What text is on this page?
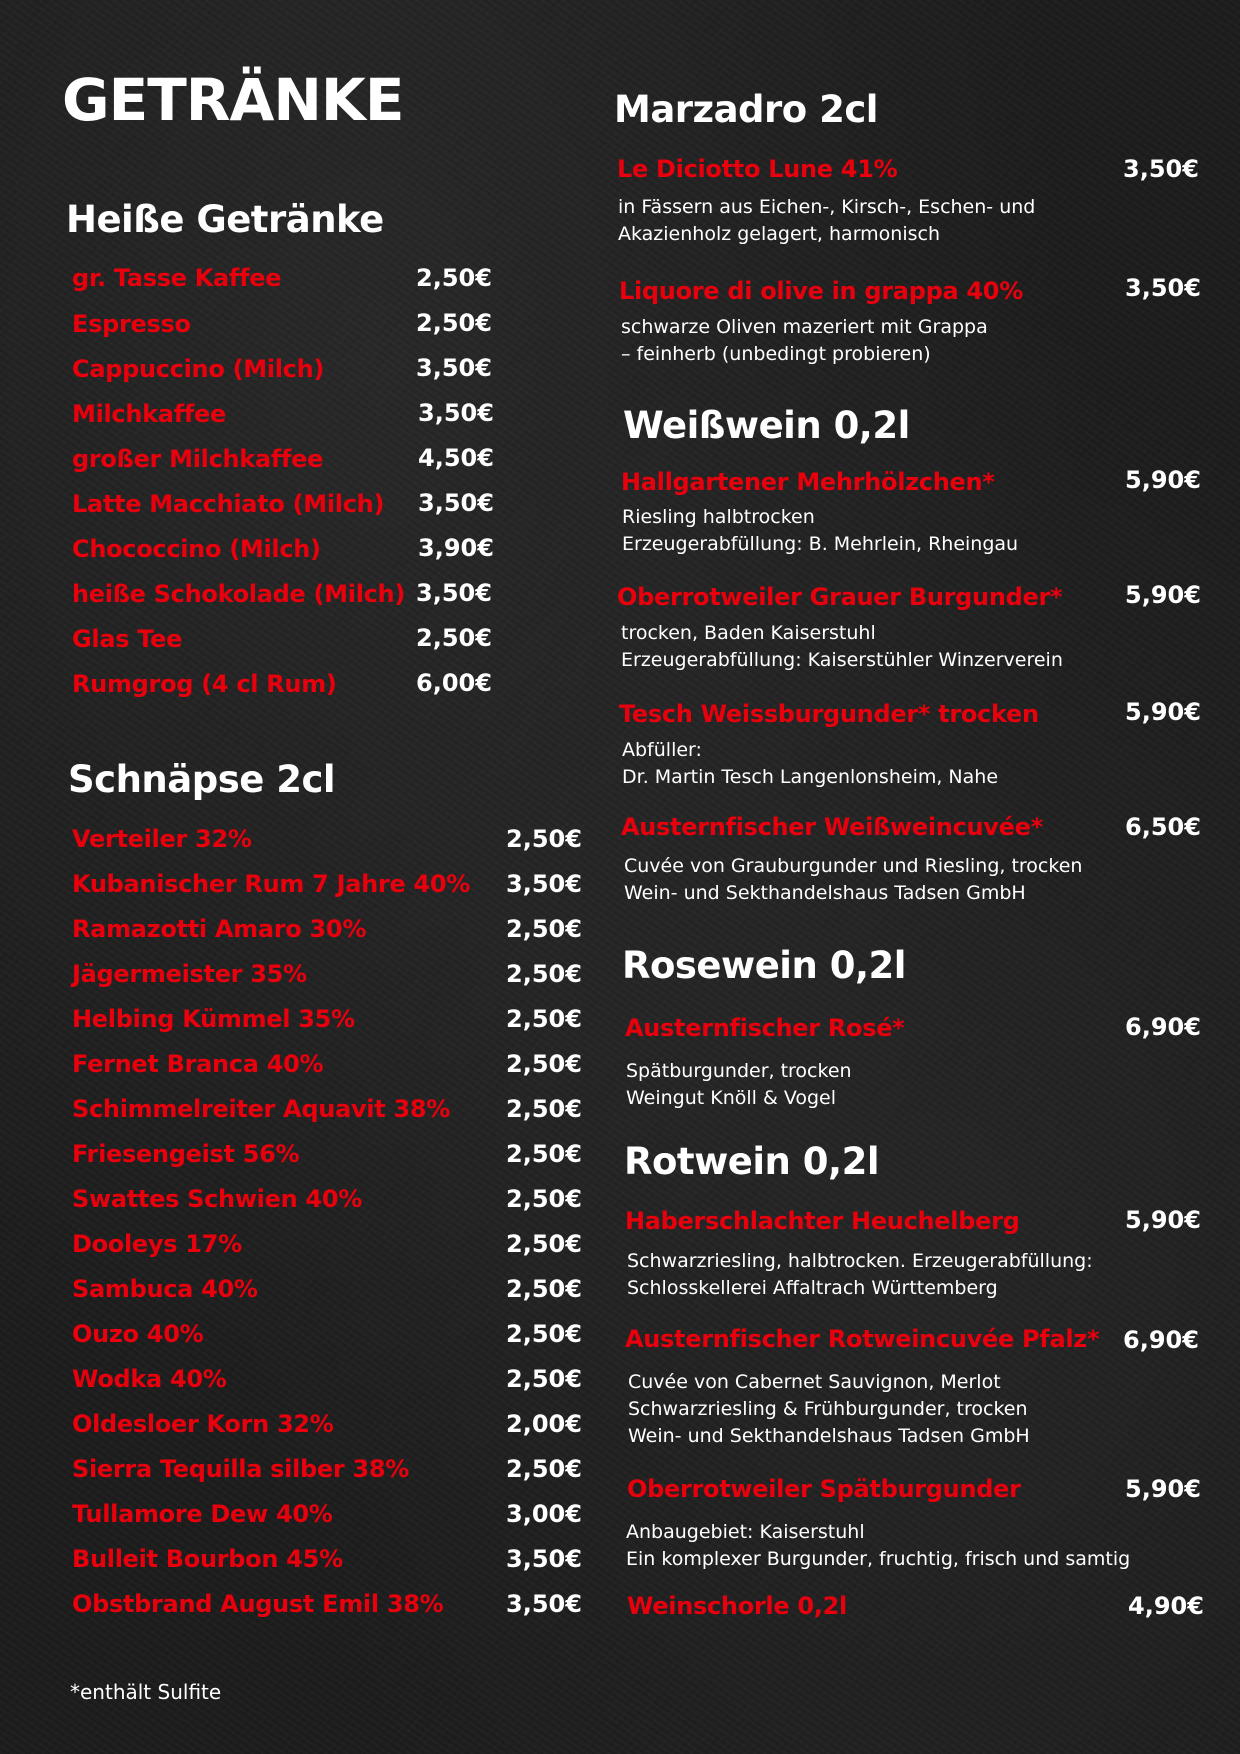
GETRÄNKE
Heiße Getränke
gr. Tasse Kaffee	2,50€
Espresso	2,50€
Cappuccino (Milch)	3,50€
Milchkaffee	3,50€
großer Milchkaffee	4,50€
Latte Macchiato (Milch) 3,50€
Chococcino (Milch)	3,90€
heiße Schokolade (Milch) 3,50€
Glas Tee	2,50€
Rumgrog (4 cl Rum)	6,00€
Schnäpse 2cl
Verteiler 32%	2,50€
Kubanischer Rum 7 Jahre 40% 3,50€
Ramazotti Amaro 30%	2,50€
Jägermeister 35%	2,50€
Helbing Kümmel 35%	2,50€
Fernet Branca 40%	2,50€
Schimmelreiter Aquavit 38% 2,50€
Friesengeist 56%	2,50€
Swattes Schwien 40%	2,50€
Dooleys 17%	2,50€
Sambuca 40%	2,50€
Ouzo 40%	2,50€
Wodka 40%	2,50€
Oldesloer Korn 32%	2,00€
Sierra Tequilla silber 38%	2,50€
Tullamore Dew 40%	3,00€
Bulleit Bourbon 45%	3,50€
Obstbrand August Emil 38%	3,50€
*enthält Sulfite
Marzadro 2cl
Le Diciotto Lune 41%	3,50€
in Fässern aus Eichen-, Kirsch-, Eschen- und
Akazienholz gelagert, harmonisch
Liquore di olive in grappa 40%	3,50€
schwarze Oliven mazeriert mit Grappa
– feinherb (unbedingt probieren)
Weißwein 0,2l
Hallgartener Mehrhölzchen*	5,90€
Riesling halbtrocken
Erzeugerabfüllung: B. Mehrlein, Rheingau
Oberrotweiler Grauer Burgunder*	5,90€
trocken, Baden Kaiserstuhl
Erzeugerabfüllung: Kaiserstühler Winzerverein
Tesch Weissburgunder* trocken	5,90€
Abfüller:
Dr. Martin Tesch Langenlonsheim, Nahe
Austernfischer Weißweincuvée*	6,50€
Cuvée von Grauburgunder und Riesling, trocken
Wein- und Sekthandelshaus Tadsen GmbH
Rosewein 0,2l
Austernfischer Rosé*	6,90€
Spätburgunder, trocken
Weingut Knöll & Vogel
Rotwein 0,2l
Haberschlachter Heuchelberg	5,90€
Schwarzriesling, halbtrocken. Erzeugerabfüllung:
Schlosskellerei Affaltrach Württemberg
Austernfischer Rotweincuvée Pfalz* 6,90€
Cuvée von Cabernet Sauvignon, Merlot
Schwarzriesling & Frühburgunder, trocken
Wein- und Sekthandelshaus Tadsen GmbH
Oberrotweiler Spätburgunder	5,90€
Anbaugebiet: Kaiserstuhl
Ein komplexer Burgunder, fruchtig, frisch und samtig
Weinschorle 0,2l	4,90€
